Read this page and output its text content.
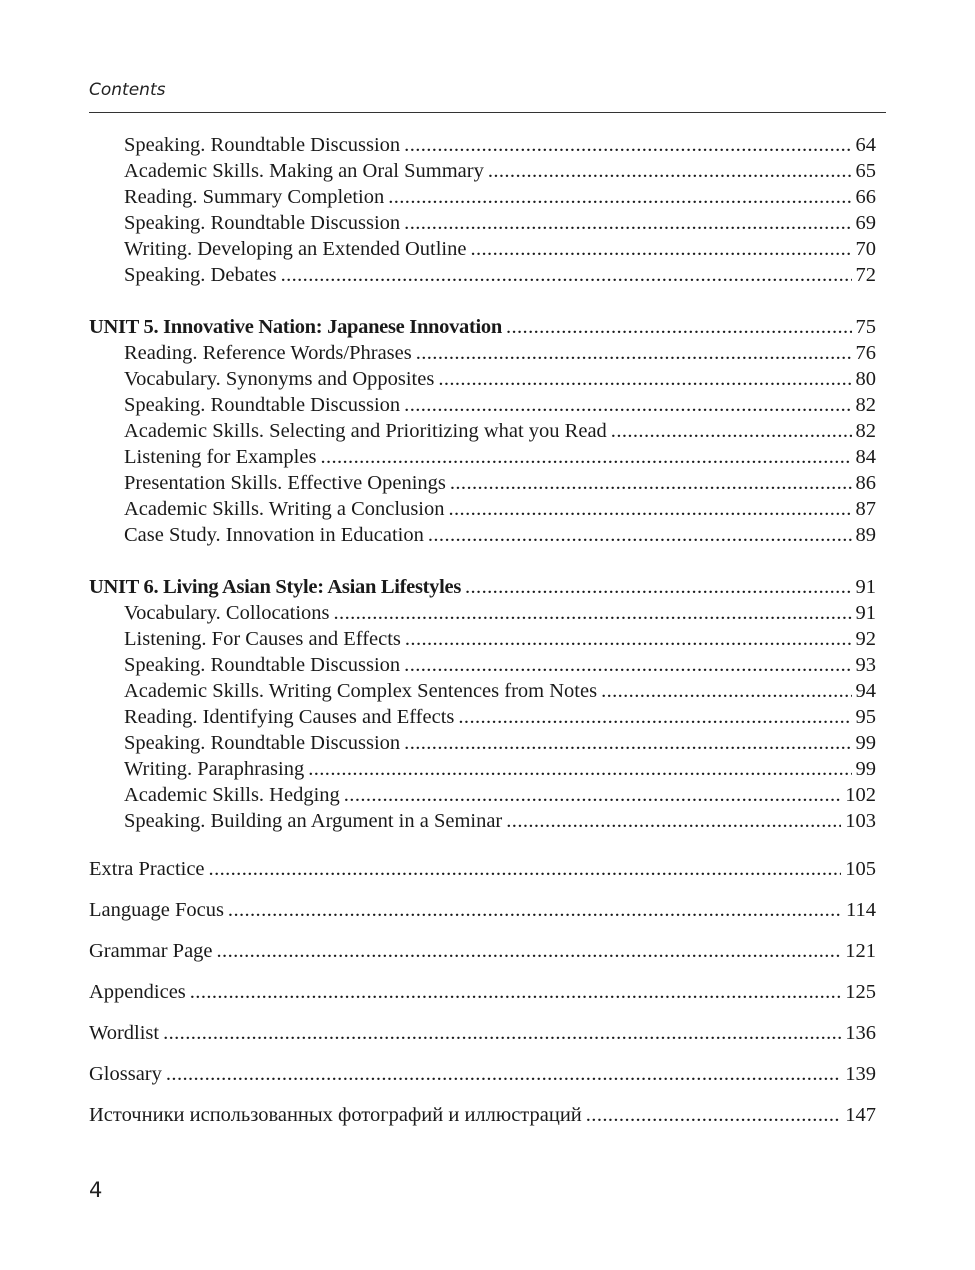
Contents
Speaking. Roundtable Discussion .....	64
Academic Skills. Making an Oral Summary .....	65
Reading. Summary Completion .....	66
Speaking. Roundtable Discussion .....	69
Writing. Developing an Extended Outline .....	70
Speaking. Debates .....	72
UNIT 5. Innovative Nation: Japanese Innovation .....	75
Reading. Reference Words/Phrases .....	76
Vocabulary. Synonyms and Opposites .....	80
Speaking. Roundtable Discussion .....	82
Academic Skills. Selecting and Prioritizing what you Read .....	82
Listening for Examples .....	84
Presentation Skills. Effective Openings .....	86
Academic Skills. Writing a Conclusion .....	87
Case Study. Innovation in Education .....	89
UNIT 6. Living Asian Style: Asian Lifestyles .....	91
Vocabulary. Collocations .....	91
Listening. For Causes and Effects .....	92
Speaking. Roundtable Discussion .....	93
Academic Skills. Writing Complex Sentences from Notes .....	94
Reading. Identifying Causes and Effects .....	95
Speaking. Roundtable Discussion .....	99
Writing. Paraphrasing .....	99
Academic Skills. Hedging .....	102
Speaking. Building an Argument in a Seminar .....	103
Extra Practice .....	105
Language Focus .....	114
Grammar Page .....	121
Appendices .....	125
Wordlist .....	136
Glossary .....	139
Источники использованных фотографий и иллюстраций .....	147
4
